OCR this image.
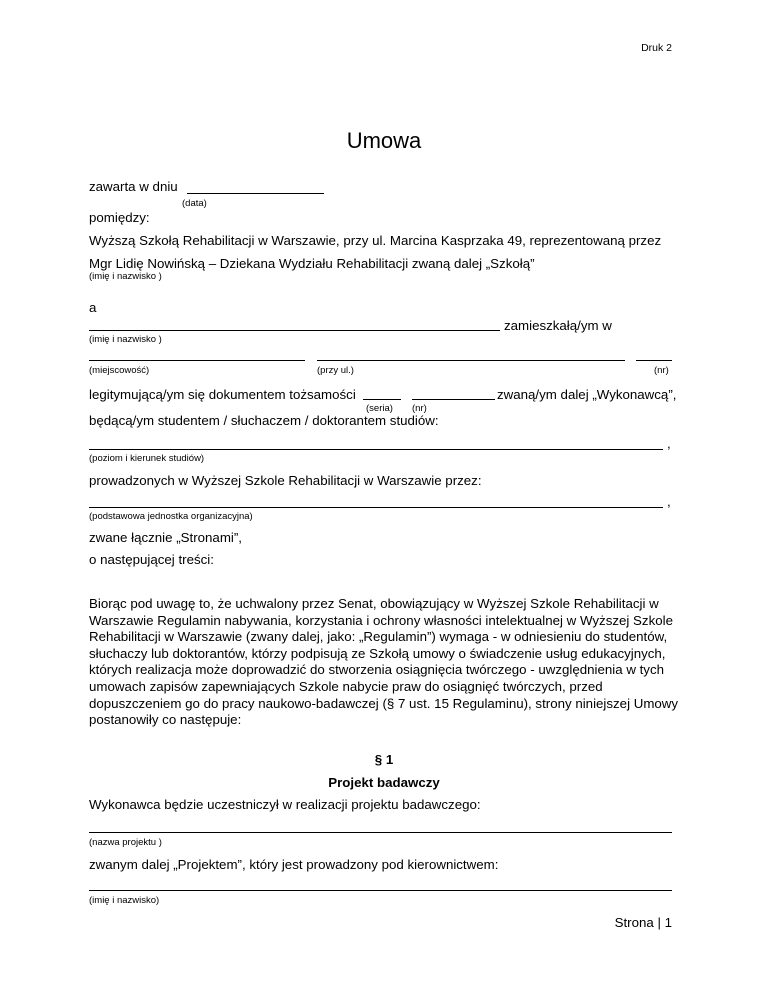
Druk 2
Umowa
zawarta w dniu
(data)
pomiędzy:
Wyższą Szkołą Rehabilitacji w Warszawie, przy ul. Marcina Kasprzaka 49, reprezentowaną przez
Mgr Lidię Nowińską – Dziekana Wydziału Rehabilitacji zwaną dalej „Szkołą”
(imię i nazwisko )
a
zamieszkałą/ym w
(imię i nazwisko )
(miejscowość)	(przy ul.)	(nr)
legitymującą/ym się dokumentem tożsamości	zwaną/ym dalej „Wykonawcą”,
(seria) (nr)
będącą/ym studentem / słuchaczem / doktorantem studiów:
,
(poziom i kierunek studiów)
prowadzonych w Wyższej Szkole Rehabilitacji w Warszawie przez:
,
(podstawowa jednostka organizacyjna)
zwane łącznie „Stronami”,
o następującej treści:
Biorąc pod uwagę to, że uchwalony przez Senat, obowiązujący w Wyższej Szkole Rehabilitacji w Warszawie Regulamin nabywania, korzystania i ochrony własności intelektualnej w Wyższej Szkole Rehabilitacji w Warszawie (zwany dalej, jako: „Regulamin”) wymaga - w odniesieniu do studentów, słuchaczy lub doktorantów, którzy podpisują ze Szkołą umowy o świadczenie usług edukacyjnych, których realizacja może doprowadzić do stworzenia osiągnięcia twórczego - uwzględnienia w tych umowach zapisów zapewniających Szkole nabycie praw do osiągnięć twórczych, przed dopuszczeniem go do pracy naukowo-badawczej (§ 7 ust. 15 Regulaminu), strony niniejszej Umowy postanowiły co następuje:
§ 1
Projekt badawczy
Wykonawca będzie uczestniczył w realizacji projektu badawczego:
(nazwa projektu )
zwanym dalej „Projektem”, który jest prowadzony pod kierownictwem:
(imię i nazwisko)
Strona | 1
